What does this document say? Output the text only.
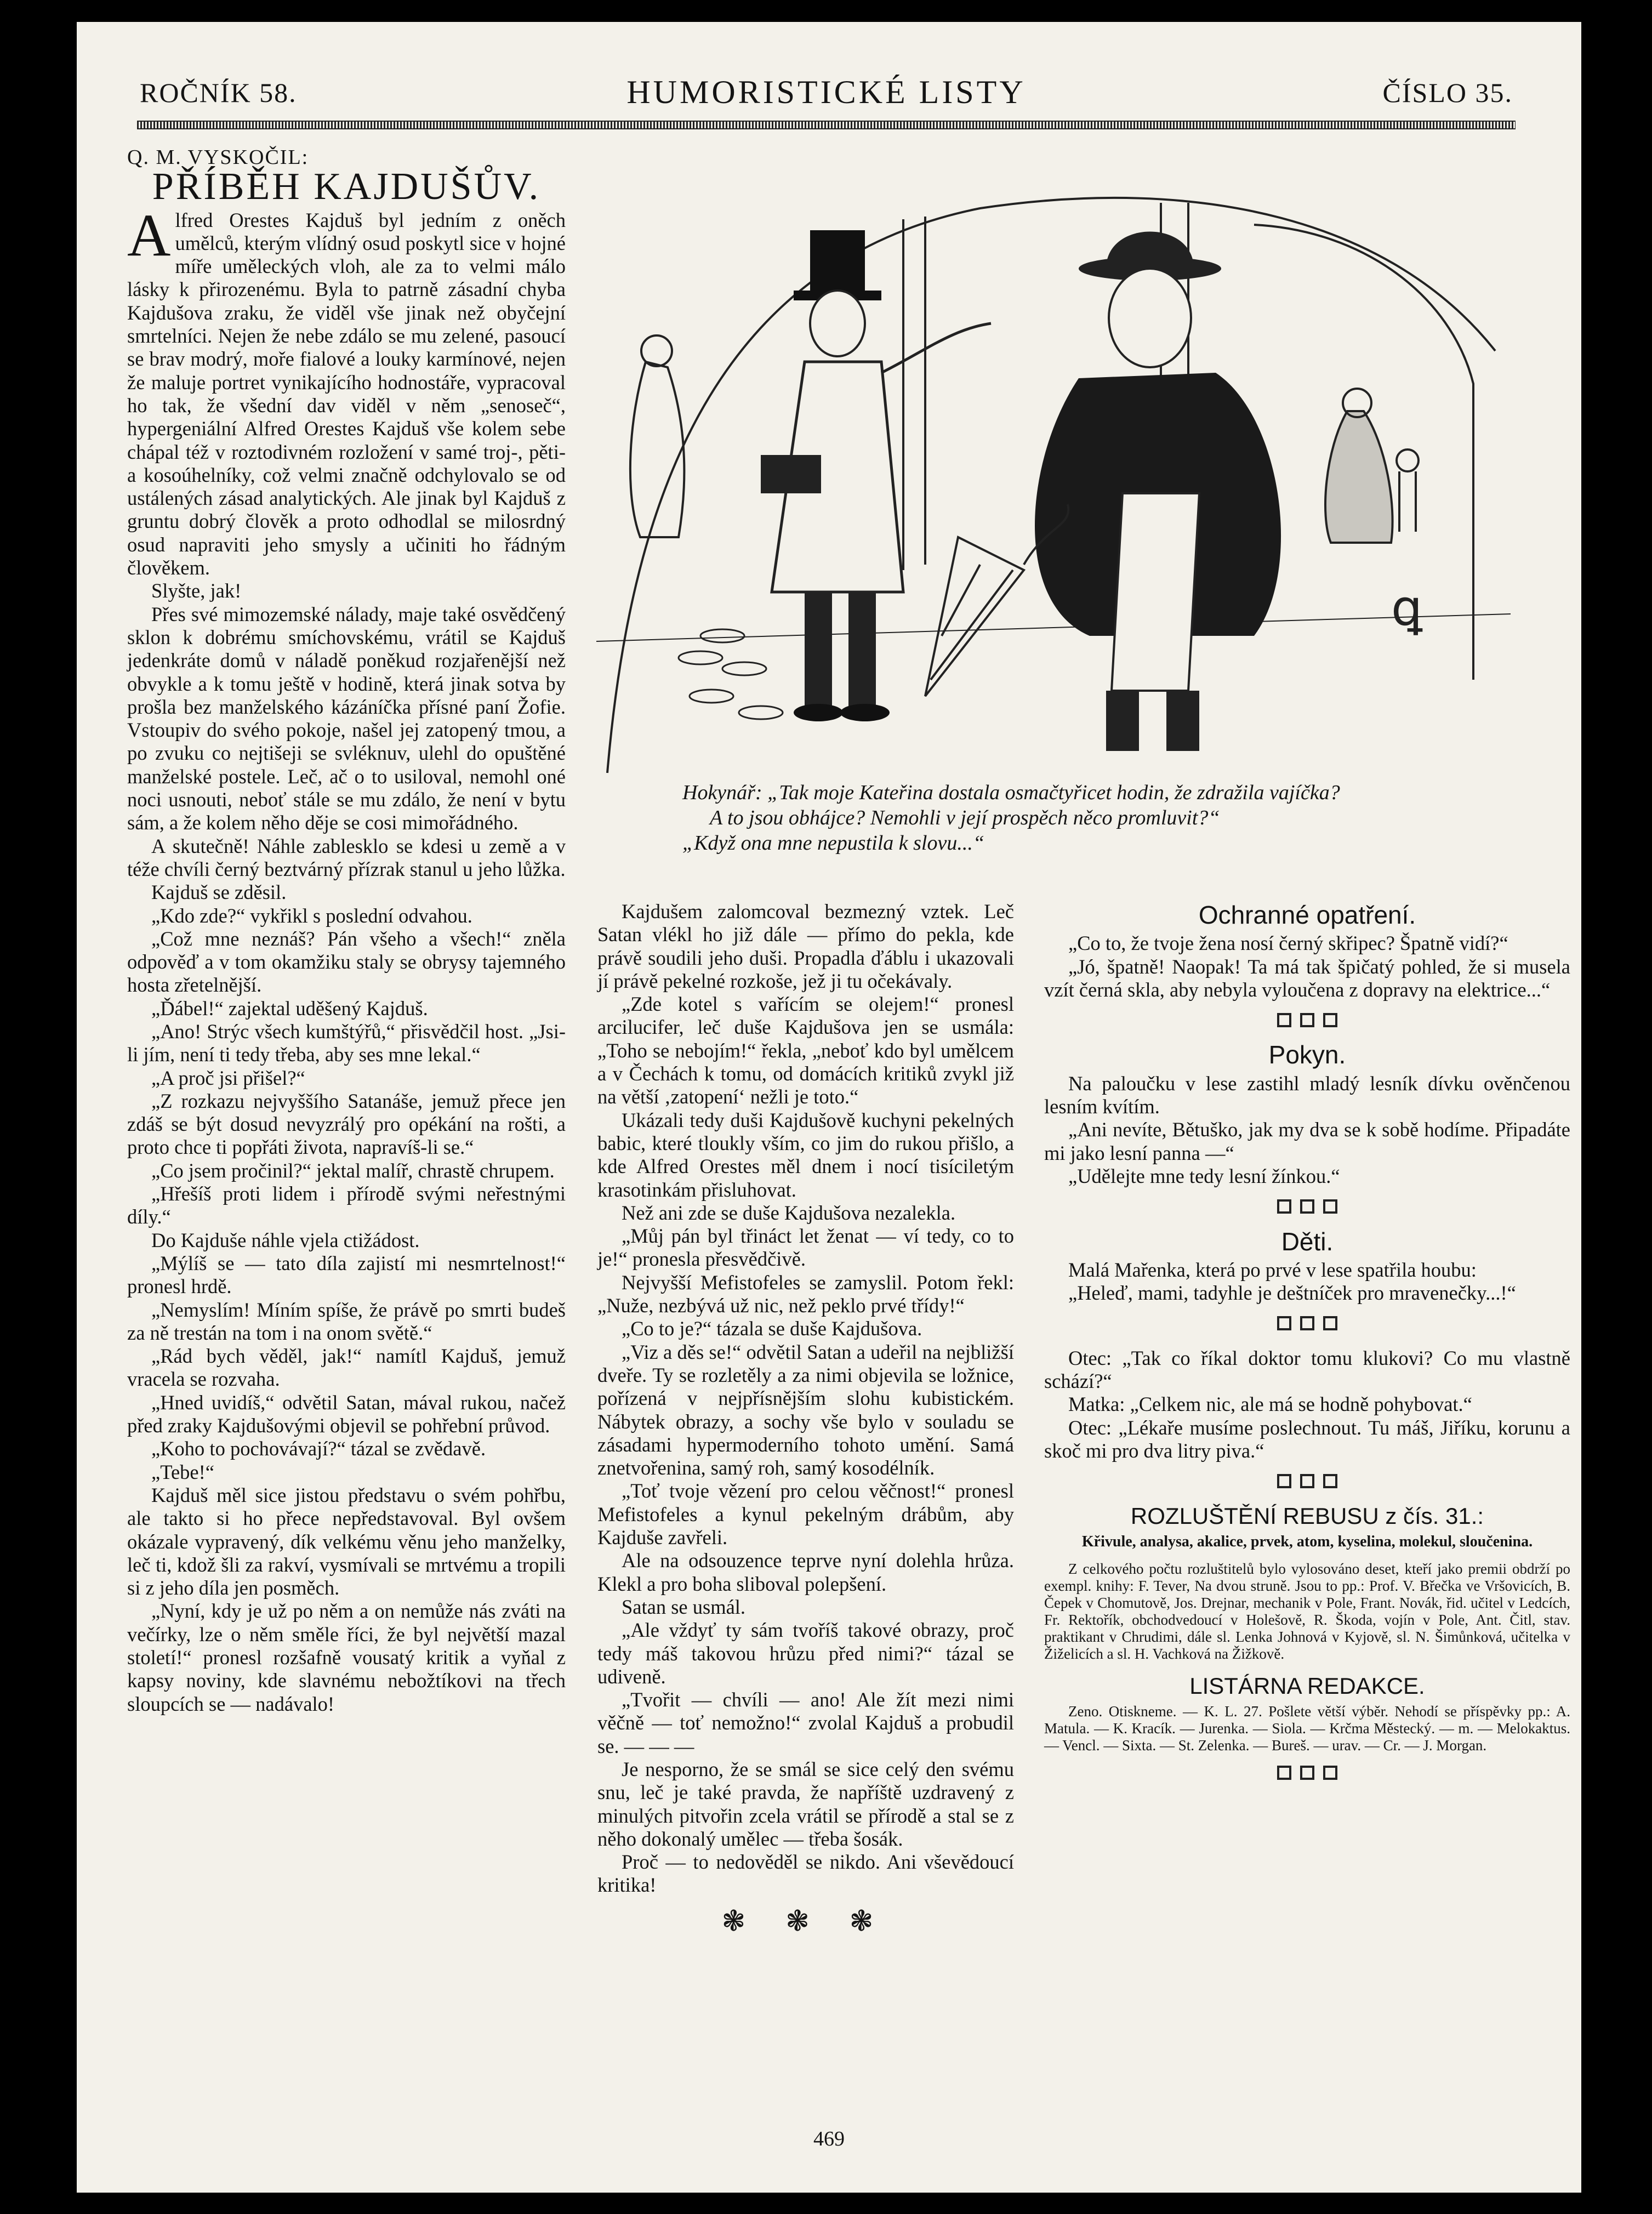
ROČNÍK 58.	HUMORISTICKÉ LISTY	ČÍSLO 35.
Q. M. VYSKOČIL:
PŘÍBĚH KAJDUŠŮV.

Alfred Orestes Kajduš byl jedním z oněch umělců, kterým vlídný osud poskytl sice v hojné míře uměleckých vloh, ale za to velmi málo lásky k přirozenému. Byla to patrně zásadní chyba Kajdušova zraku, že viděl vše jinak než obyčejní smrtelníci. Nejen že nebe zdálo se mu zelené, pasoucí se brav modrý, moře fialové a louky karmínové, nejen že maluje portret vynikajícího hodnostáře, vypracoval ho tak, že všední dav viděl v něm „senoseč“, hypergeniální Alfred Orestes Kajduš vše kolem sebe chápal též v roztodivném rozložení v samé troj-, pěti- a kosoúhelníky, což velmi značně odchylovalo se od ustálených zásad analytických. Ale jinak byl Kajduš z gruntu dobrý člověk a proto odhodlal se milosrdný osud napraviti jeho smysly a učiniti ho řádným člověkem.

Slyšte, jak!

Přes své mimozemské nálady, maje také osvědčený sklon k dobrému smíchovskému, vrátil se Kajduš jedenkráte domů v náladě poněkud rozjařenější než obvykle a k tomu ještě v hodině, která jinak sotva by prošla bez manželského kázáníčka přísné paní Žofie. Vstoupiv do svého pokoje, našel jej zatopený tmou, a po zvuku co nejtišeji se svléknuv, ulehl do opuštěné manželské postele. Leč, ač o to usiloval, nemohl oné noci usnouti, neboť stále se mu zdálo, že není v bytu sám, a že kolem něho děje se cosi mimořádného.

A skutečně! Náhle zablesklo se kdesi u země a v téže chvíli černý beztvárný přízrak stanul u jeho lůžka.

Kajduš se zděsil.

„Kdo zde?“ vykřikl s poslední odvahou.

„Což mne neznáš? Pán všeho a všech!“ zněla odpověď a v tom okamžiku staly se obrysy tajemného hosta zřetelnější.

„Ďábel!“ zajektal uděšený Kajduš.

„Ano! Strýc všech kumštýřů,“ přisvědčil host. „Jsi-li jím, není ti tedy třeba, aby ses mne lekal.“

„A proč jsi přišel?“

„Z rozkazu nejvyššího Satanáše, jemuž přece jen zdáš se být dosud nevyzrálý pro opékání na rošti, a proto chce ti popřáti života, napravíš-li se.“

„Co jsem pročinil?“ jektal malíř, chrastě chrupem.

„Hřešíš proti lidem i přírodě svými neřestnými díly.“

Do Kajduše náhle vjela ctižádost.

„Mýlíš se — tato díla zajistí mi nesmrtelnost!“ pronesl hrdě.

„Nemyslím! Míním spíše, že právě po smrti budeš za ně trestán na tom i na onom světě.“

„Rád bych věděl, jak!“ namítl Kajduš, jemuž vracela se rozvaha.

„Hned uvidíš,“ odvětil Satan, mával rukou, načež před zraky Kajdušovými objevil se pohřební průvod.

„Koho to pochovávají?“ tázal se zvědavě.

„Tebe!“

Kajduš měl sice jistou představu o svém pohřbu, ale takto si ho přece nepředstavoval. Byl ovšem okázale vypravený, dík velkému věnu jeho manželky, leč ti, kdož šli za rakví, vysmívali se mrtvému a tropili si z jeho díla jen posměch.

„Nyní, kdy je už po něm a on nemůže nás zváti na večírky, lze o něm směle říci, že byl největší mazal století!“ pronesl rozšafně vousatý kritik a vyňal z kapsy noviny, kde slavnému nebožtíkovi na třech sloupcích se — nadávalo!

ꝗ
Hokynář: „Tak moje Kateřina dostala osmačtyřicet hodin, že zdražila vajíčka?
A to jsou obhájce? Nemohli v její prospěch něco promluvit?“
„Když ona mne nepustila k slovu...“

Kajdušem zalomcoval bezmezný vztek. Leč Satan vlékl ho již dále — přímo do pekla, kde právě soudili jeho duši. Propadla ďáblu i ukazovali jí právě pekelné rozkoše, jež ji tu očekávaly.

„Zde kotel s vařícím se olejem!“ pronesl arcilucifer, leč duše Kajdušova jen se usmála: „Toho se nebojím!“ řekla, „neboť kdo byl umělcem a v Čechách k tomu, od domácích kritiků zvykl již na větší ‚zatopení‘ nežli je toto.“

Ukázali tedy duši Kajdušově kuchyni pekelných babic, které tloukly vším, co jim do rukou přišlo, a kde Alfred Orestes měl dnem i nocí tisíciletým krasotinkám přisluhovat.

Než ani zde se duše Kajdušova nezalekla.

„Můj pán byl třináct let ženat — ví tedy, co to je!“ pronesla přesvědčivě.

Nejvyšší Mefistofeles se zamyslil. Potom řekl: „Nuže, nezbývá už nic, než peklo prvé třídy!“

„Co to je?“ tázala se duše Kajdušova.

„Viz a děs se!“ odvětil Satan a udeřil na nejbližší dveře. Ty se rozletěly a za nimi objevila se ložnice, pořízená v nejpřísnějším slohu kubistickém. Nábytek obrazy, a sochy vše bylo v souladu se zásadami hypermoderního tohoto umění. Samá znetvořenina, samý roh, samý kosodélník.

„Toť tvoje vězení pro celou věčnost!“ pronesl Mefistofeles a kynul pekelným drábům, aby Kajduše zavřeli.

Ale na odsouzence teprve nyní dolehla hrůza. Klekl a pro boha sliboval polepšení.

Satan se usmál.

„Ale vždyť ty sám tvoříš takové obrazy, proč tedy máš takovou hrůzu před nimi?“ tázal se udiveně.

„Tvořit — chvíli — ano! Ale žít mezi nimi věčně — toť nemožno!“ zvolal Kajduš a probudil se. — — —

Je nesporno, že se smál se sice celý den svému snu, leč je také pravda, že napříště uzdravený z minulých pitvořin zcela vrátil se přírodě a stal se z něho dokonalý umělec — třeba šosák.

Proč — to nedověděl se nikdo. Ani vševědoucí kritika!

❃ ❃ ❃
Ochranné opatření.

„Co to, že tvoje žena nosí černý skřipec? Špatně vidí?“

„Jó, špatně! Naopak! Ta má tak špičatý pohled, že si musela vzít černá skla, aby nebyla vyloučena z dopravy na elektrice...“

Pokyn.

Na paloučku v lese zastihl mladý lesník dívku ověnčenou lesním kvítím.

„Ani nevíte, Bětuško, jak my dva se k sobě hodíme. Připadáte mi jako lesní panna —“

„Udělejte mne tedy lesní žínkou.“

Děti.

Malá Mařenka, která po prvé v lese spatřila houbu:

„Heleď, mami, tadyhle je deštníček pro mravenečky...!“

Otec: „Tak co říkal doktor tomu klukovi? Co mu vlastně schází?“

Matka: „Celkem nic, ale má se hodně pohybovat.“

Otec: „Lékaře musíme poslechnout. Tu máš, Jiříku, korunu a skoč mi pro dva litry piva.“

ROZLUŠTĚNÍ REBUSU z čís. 31.:
Křivule, analysa, akalice, prvek, atom, kyselina, molekul, sloučenina.

Z celkového počtu rozluštitelů bylo vylosováno deset, kteří jako premii obdrží po exempl. knihy: F. Tever, Na dvou struně. Jsou to pp.: Prof. V. Břečka ve Vršovicích, B. Čepek v Chomutově, Jos. Drejnar, mechanik v Pole, Frant. Novák, řid. učitel v Ledcích, Fr. Rektořík, obchodvedoucí v Holešově, R. Škoda, vojín v Pole, Ant. Čitl, stav. praktikant v Chrudimi, dále sl. Lenka Johnová v Kyjově, sl. N. Šimůnková, učitelka v Žiželicích a sl. H. Vachková na Žižkově.

LISTÁRNA REDAKCE.

Zeno. Otiskneme. — K. L. 27. Pošlete větší výběr. Nehodí se příspěvky pp.: A. Matula. — K. Kracík. — Jurenka. — Siola. — Krčma Městecký. — m. — Melokaktus. — Vencl. — Sixta. — St. Zelenka. — Bureš. — urav. — Cr. — J. Morgan.

469
